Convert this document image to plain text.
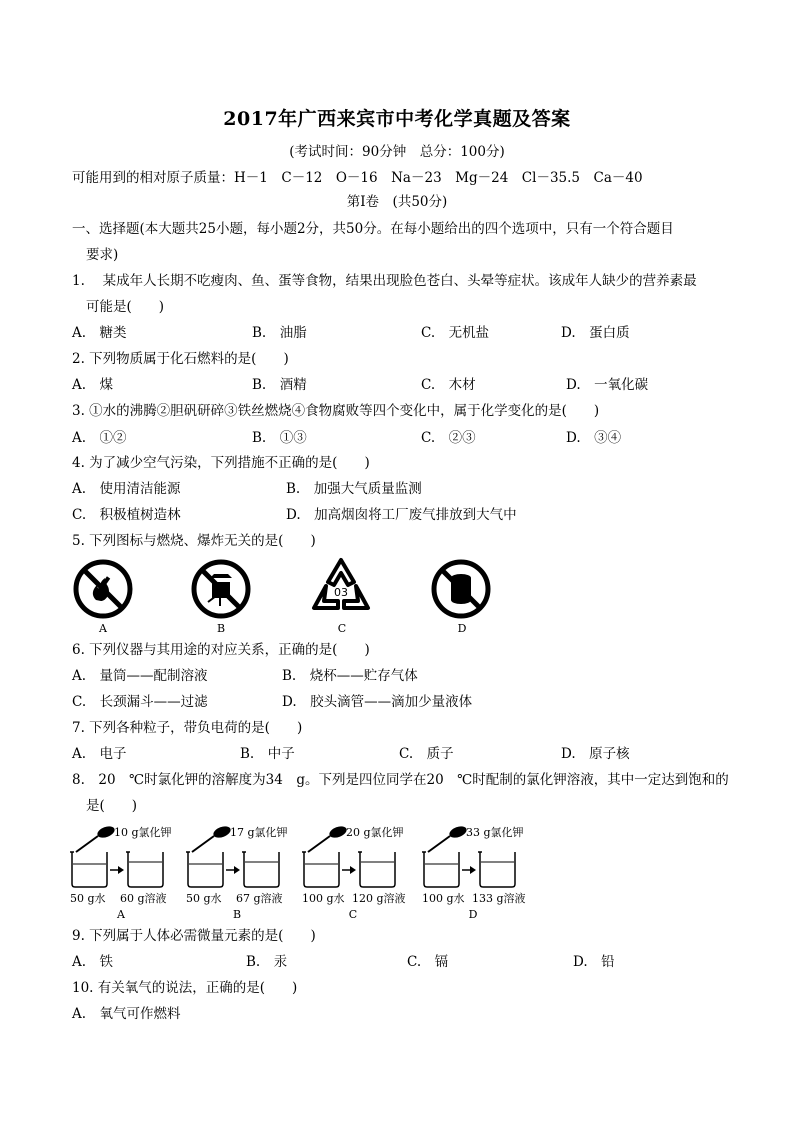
2017年广西来宾市中考化学真题及答案
(考试时间：90分钟　总分：100分)
可能用到的相对原子质量：H－1　C－12　O－16　Na－23　Mg－24　Cl－35.5　Ca－40
第Ⅰ卷　(共50分)
一、选择题(本大题共25小题，每小题2分，共50分。在每小题给出的四个选项中，只有一个符合题目
要求)
1.　 某成年人长期不吃瘦肉、鱼、蛋等食物，结果出现脸色苍白、头晕等症状。该成年人缺少的营养素最
可能是(　　)
A.　糖类	B.　油脂	C.　无机盐	D.　蛋白质
2. 下列物质属于化石燃料的是(　　)
A.　煤	B.　酒精	C.　木材	D.　一氧化碳
3. ①水的沸腾②胆矾研碎③铁丝燃烧④食物腐败等四个变化中，属于化学变化的是(　　)
A.　①②	B.　①③	C.　②③	D.　③④
4. 为了减少空气污染，下列措施不正确的是(　　)
A.　使用清洁能源	B.　加强大气质量监测
C.　积极植树造林	D.　加高烟囱将工厂废气排放到大气中
5. 下列图标与燃烧、爆炸无关的是(　　)
A	B
03
C	D
6. 下列仪器与其用途的对应关系，正确的是(　　)
A.　量筒——配制溶液	B.　烧杯——贮存气体
C.　长颈漏斗——过滤	D.　胶头滴管——滴加少量液体
7. 下列各种粒子，带负电荷的是(　　)
A.　电子	B.　中子	C.　质子	D.　原子核
8.　20　℃时氯化钾的溶解度为34　g。下列是四位同学在20　℃时配制的氯化钾溶液，其中一定达到饱和的
是(　　)
10 g氯化钾
50 g水 60 g溶液
A
17 g氯化钾
50 g水 67 g溶液
B
20 g氯化钾
100 g水 120 g溶液
C
33 g氯化钾
100 g水 133 g溶液
D
9. 下列属于人体必需微量元素的是(　　)
A.　铁	B.　汞	C.　镉	D.　铅
10. 有关氧气的说法，正确的是(　　)
A.　氧气可作燃料
